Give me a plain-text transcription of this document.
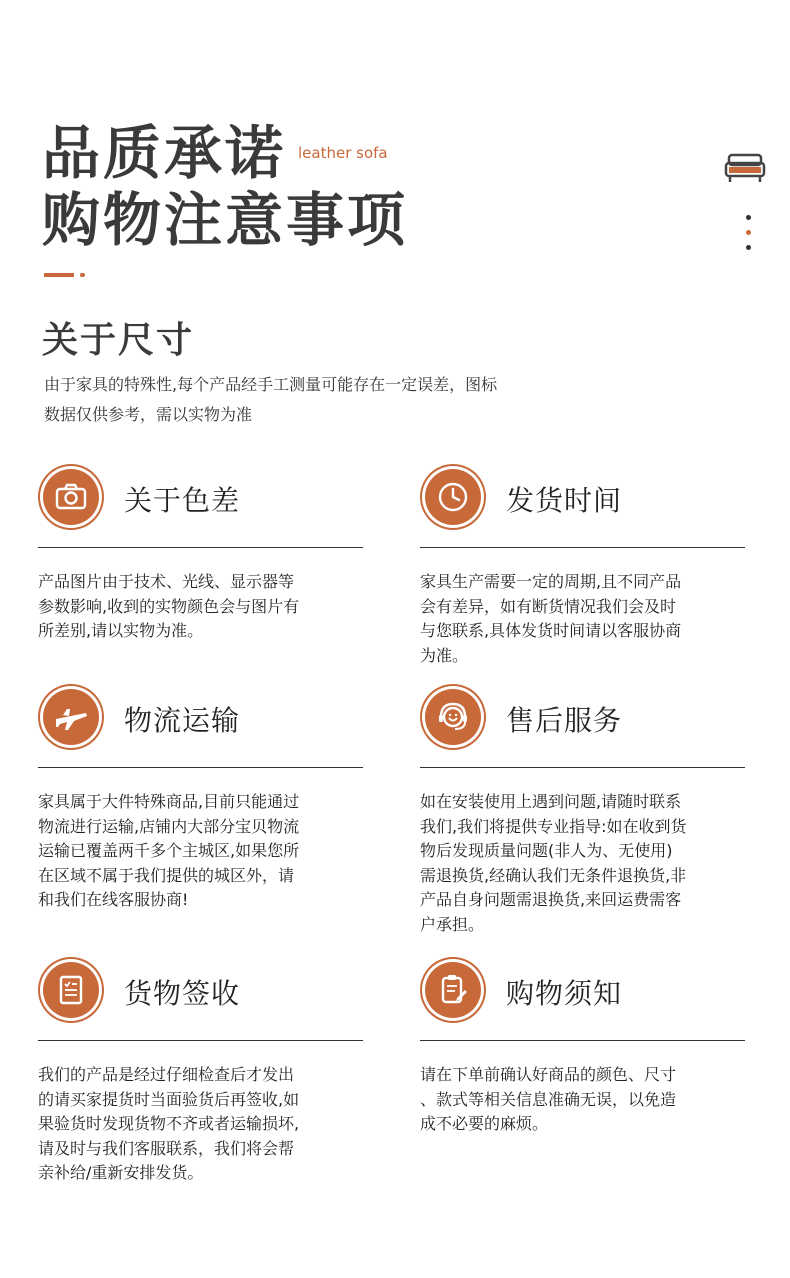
品质承诺
购物注意事项
leather sofa
关于尺寸
由于家具的特殊性,每个产品经手工测量可能存在一定误差，图标
数据仅供参考，需以实物为准
关于色差
产品图片由于技术、光线、显示器等
参数影响,收到的实物颜色会与图片有
所差别,请以实物为准。
发货时间
家具生产需要一定的周期,且不同产品
会有差异，如有断货情况我们会及时
与您联系,具体发货时间请以客服协商
为准。
物流运输
家具属于大件特殊商品,目前只能通过
物流进行运输,店铺内大部分宝贝物流
运输已覆盖两千多个主城区,如果您所
在区域不属于我们提供的城区外，请
和我们在线客服协商!
售后服务
如在安装使用上遇到问题,请随时联系
我们,我们将提供专业指导:如在收到货
物后发现质量问题(非人为、无使用)
需退换货,经确认我们无条件退换货,非
产品自身问题需退换货,来回运费需客
户承担。
货物签收
我们的产品是经过仔细检查后才发出
的请买家提货时当面验货后再签收,如
果验货时发现货物不齐或者运输损坏,
请及时与我们客服联系，我们将会帮
亲补给/重新安排发货。
购物须知
请在下单前确认好商品的颜色、尺寸
、款式等相关信息准确无误，以免造
成不必要的麻烦。
